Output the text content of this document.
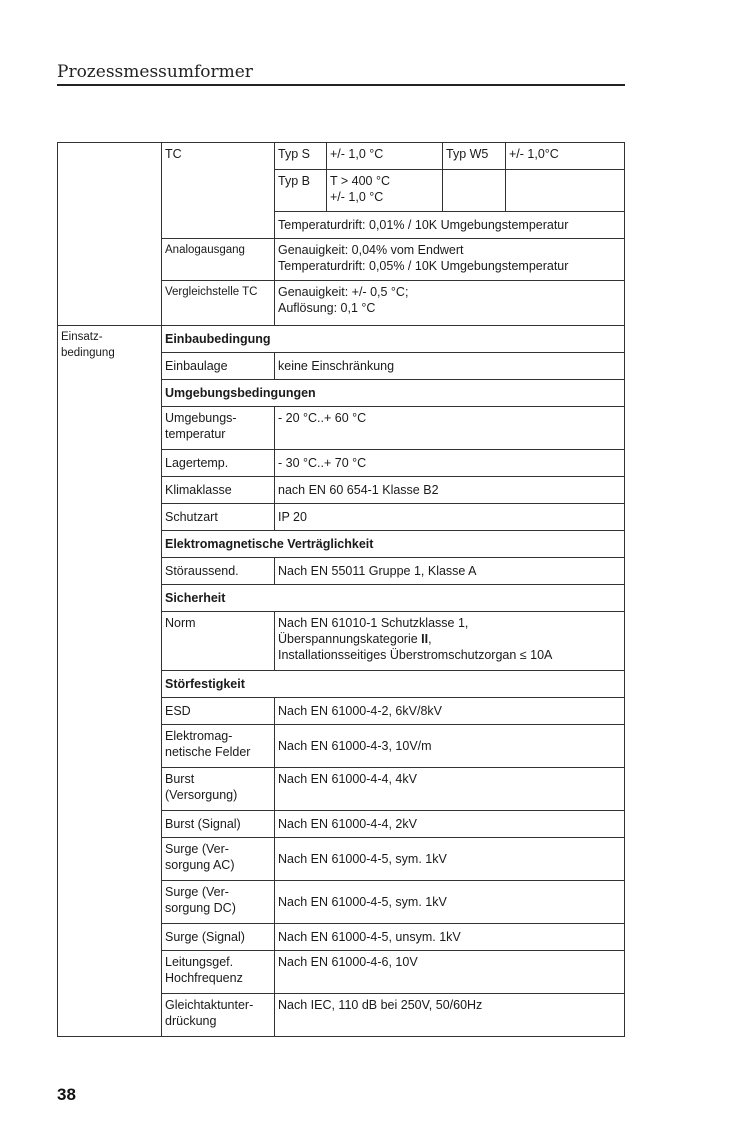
Prozessmessumformer
	TC	Typ S	+/- 1,0 °C	Typ W5	+/- 1,0°C
		Typ B	T > 400 °C
+/- 1,0 °C		

		Temperaturdrift: 0,01% / 10K Umgebungstemperatur			
	Analogausgang	Genauigkeit: 0,04% vom Endwert
Temperaturdrift: 0,05% / 10K Umgebungstemperatur			

	Vergleichstelle TC	Genauigkeit: +/- 0,5 °C;
Auflösung: 0,1 °C			

Einsatz-
bedingung	Einbaubedingung				
	Einbaulage	keine Einschränkung			
	Umgebungsbedingungen				

	Umgebungs-
temperatur	- 20 °C..+ 60 °C			
	Lagertemp.	- 30 °C..+ 70 °C			
	Klimaklasse	nach EN 60 654-1 Klasse B2			
	Schutzart	IP 20			
	Elektromagnetische Verträglichkeit				
	Störaussend.	Nach EN 55011 Gruppe 1, Klasse A			
	Sicherheit				
	Norm	Nach EN 61010-1 Schutzklasse 1,
Überspannungskategorie II,
Installationsseitiges Überstromschutzorgan ≤ 10A			

	Störfestigkeit				
	ESD	Nach EN 61000-4-2, 6kV/8kV			

	Elektromag-
netische Felder	Nach EN 61000-4-3, 10V/m			

	Burst
(Versorgung)	Nach EN 61000-4-4, 4kV			
	Burst (Signal)	Nach EN 61000-4-4, 2kV			

	Surge (Ver-
sorgung AC)	Nach EN 61000-4-5, sym. 1kV			

	Surge (Ver-
sorgung DC)	Nach EN 61000-4-5, sym. 1kV			
	Surge (Signal)	Nach EN 61000-4-5, unsym. 1kV			

	Leitungsgef.
Hochfrequenz	Nach EN 61000-4-6, 10V			

	Gleichtaktunter-
drückung	Nach IEC, 110 dB bei 250V, 50/60Hz			
38
